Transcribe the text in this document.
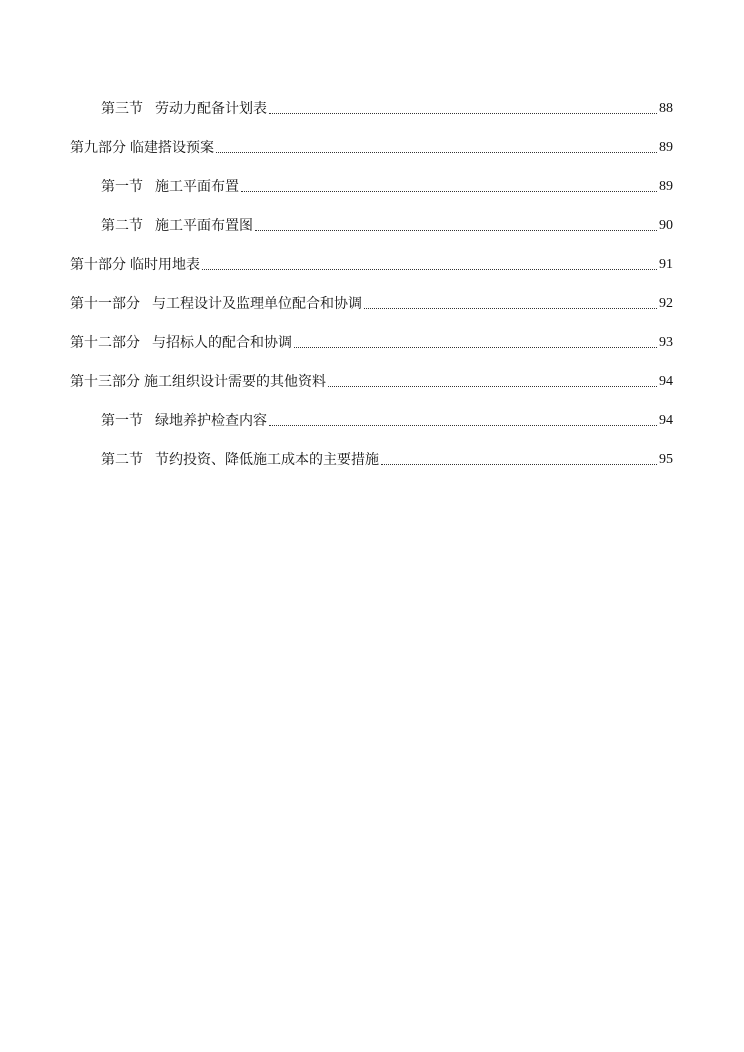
第三节 劳动力配备计划表	88
第九部分 临建搭设预案	89
第一节 施工平面布置	89
第二节 施工平面布置图	90
第十部分 临时用地表	91
第十一部分 与工程设计及监理单位配合和协调	92
第十二部分 与招标人的配合和协调	93
第十三部分 施工组织设计需要的其他资料	94
第一节 绿地养护检查内容	94
第二节 节约投资、降低施工成本的主要措施	95
